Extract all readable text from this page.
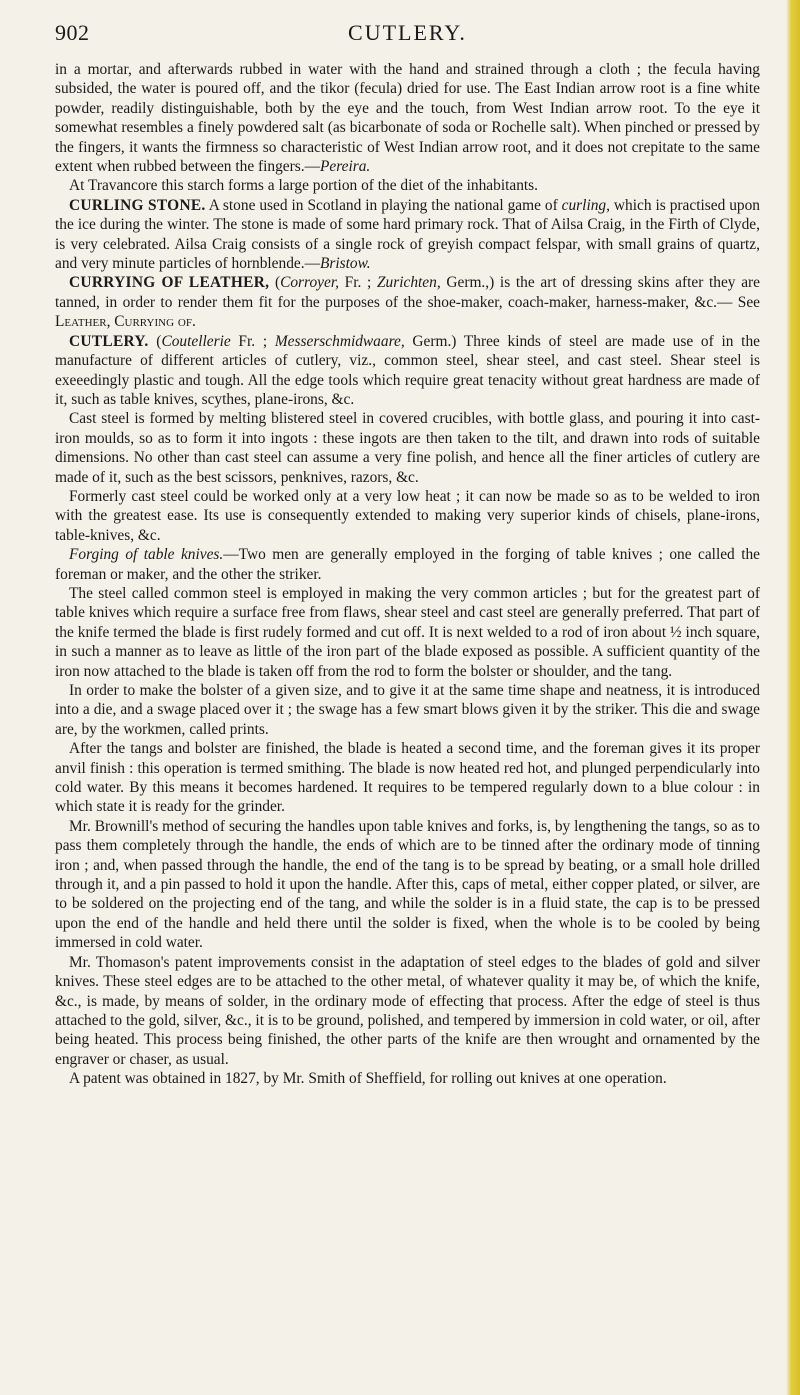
902	CUTLERY.

in a mortar, and afterwards rubbed in water with the hand and strained through a cloth ; the fecula having subsided, the water is poured off, and the tikor (fecula) dried for use. The East Indian arrow root is a fine white powder, readily distinguishable, both by the eye and the touch, from West Indian arrow root. To the eye it somewhat resembles a finely powdered salt (as bicarbonate of soda or Rochelle salt). When pinched or pressed by the fingers, it wants the firmness so characteristic of West Indian arrow root, and it does not crepitate to the same extent when rubbed between the fingers.—Pereira.

At Travancore this starch forms a large portion of the diet of the inhabitants.

CURLING STONE. A stone used in Scotland in playing the national game of curling, which is practised upon the ice during the winter. The stone is made of some hard primary rock. That of Ailsa Craig, in the Firth of Clyde, is very celebrated. Ailsa Craig consists of a single rock of greyish compact felspar, with small grains of quartz, and very minute particles of hornblende.—Bristow.

CURRYING OF LEATHER, (Corroyer, Fr. ; Zurichten, Germ.,) is the art of dressing skins after they are tanned, in order to render them fit for the purposes of the shoe-maker, coach-maker, harness-maker, &c.— See Leather, Currying of.

CUTLERY. (Coutellerie Fr. ; Messerschmidwaare, Germ.) Three kinds of steel are made use of in the manufacture of different articles of cutlery, viz., common steel, shear steel, and cast steel. Shear steel is exeeedingly plastic and tough. All the edge tools which require great tenacity without great hardness are made of it, such as table knives, scythes, plane-irons, &c.

Cast steel is formed by melting blistered steel in covered crucibles, with bottle glass, and pouring it into cast-iron moulds, so as to form it into ingots : these ingots are then taken to the tilt, and drawn into rods of suitable dimensions. No other than cast steel can assume a very fine polish, and hence all the finer articles of cutlery are made of it, such as the best scissors, penknives, razors, &c.

Formerly cast steel could be worked only at a very low heat ; it can now be made so as to be welded to iron with the greatest ease. Its use is consequently extended to making very superior kinds of chisels, plane-irons, table-knives, &c.

Forging of table knives.—Two men are generally employed in the forging of table knives ; one called the foreman or maker, and the other the striker.

The steel called common steel is employed in making the very common articles ; but for the greatest part of table knives which require a surface free from flaws, shear steel and cast steel are generally preferred. That part of the knife termed the blade is first rudely formed and cut off. It is next welded to a rod of iron about ½ inch square, in such a manner as to leave as little of the iron part of the blade exposed as possible. A sufficient quantity of the iron now attached to the blade is taken off from the rod to form the bolster or shoulder, and the tang.

In order to make the bolster of a given size, and to give it at the same time shape and neatness, it is introduced into a die, and a swage placed over it ; the swage has a few smart blows given it by the striker. This die and swage are, by the workmen, called prints.

After the tangs and bolster are finished, the blade is heated a second time, and the foreman gives it its proper anvil finish : this operation is termed smithing. The blade is now heated red hot, and plunged perpendicularly into cold water. By this means it becomes hardened. It requires to be tempered regularly down to a blue colour : in which state it is ready for the grinder.

Mr. Brownill's method of securing the handles upon table knives and forks, is, by lengthening the tangs, so as to pass them completely through the handle, the ends of which are to be tinned after the ordinary mode of tinning iron ; and, when passed through the handle, the end of the tang is to be spread by beating, or a small hole drilled through it, and a pin passed to hold it upon the handle. After this, caps of metal, either copper plated, or silver, are to be soldered on the projecting end of the tang, and while the solder is in a fluid state, the cap is to be pressed upon the end of the handle and held there until the solder is fixed, when the whole is to be cooled by being immersed in cold water.

Mr. Thomason's patent improvements consist in the adaptation of steel edges to the blades of gold and silver knives. These steel edges are to be attached to the other metal, of whatever quality it may be, of which the knife, &c., is made, by means of solder, in the ordinary mode of effecting that process. After the edge of steel is thus attached to the gold, silver, &c., it is to be ground, polished, and tempered by immersion in cold water, or oil, after being heated. This process being finished, the other parts of the knife are then wrought and ornamented by the engraver or chaser, as usual.

A patent was obtained in 1827, by Mr. Smith of Sheffield, for rolling out knives at one operation.
